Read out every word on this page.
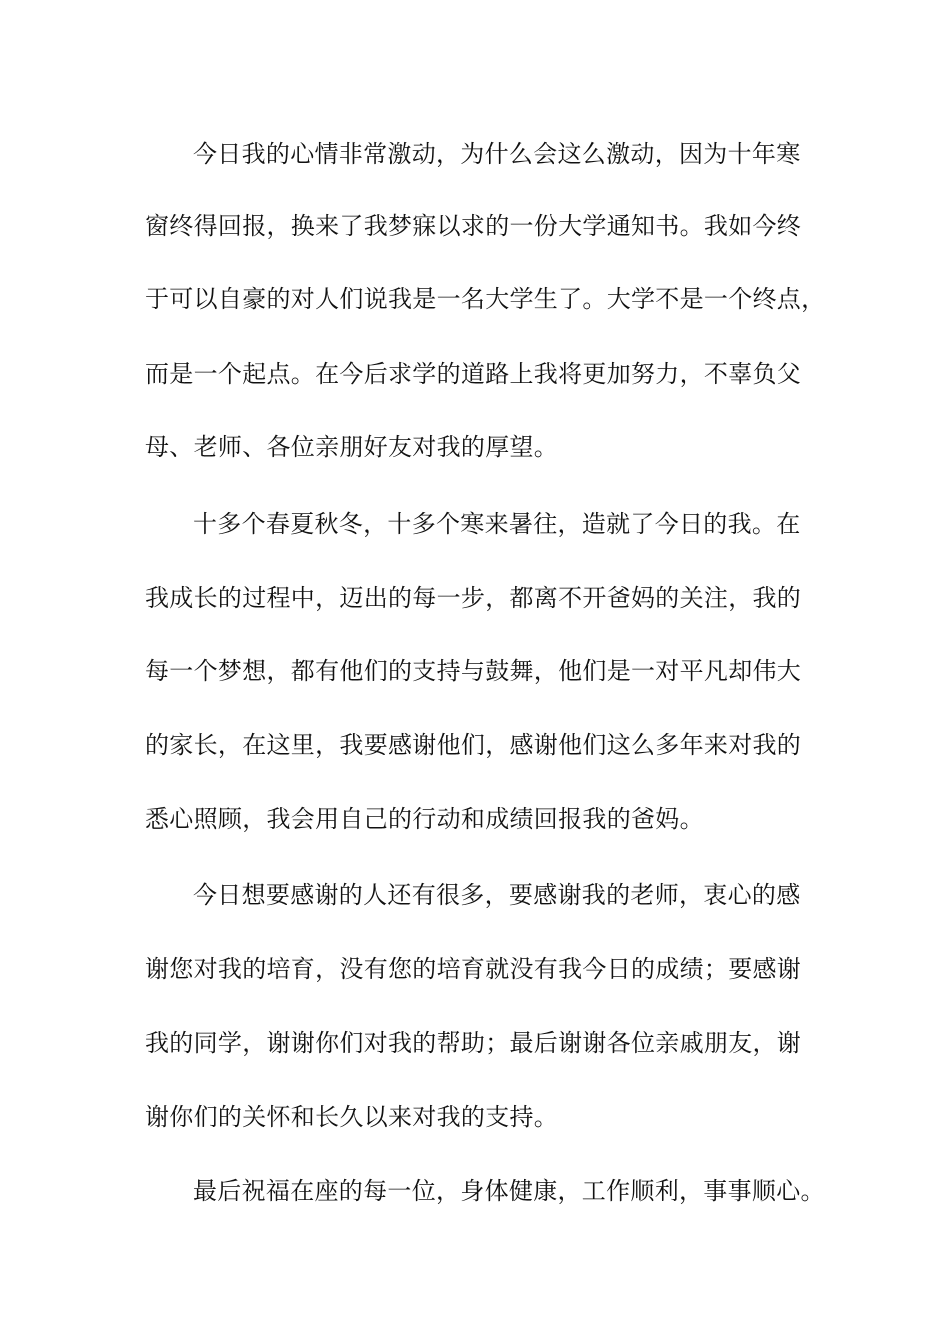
今日我的心情非常激动，为什么会这么激动，因为十年寒

窗终得回报，换来了我梦寐以求的一份大学通知书。我如今终

于可以自豪的对人们说我是一名大学生了。大学不是一个终点，

而是一个起点。在今后求学的道路上我将更加努力，不辜负父

母、老师、各位亲朋好友对我的厚望。

十多个春夏秋冬，十多个寒来暑往，造就了今日的我。在

我成长的过程中，迈出的每一步，都离不开爸妈的关注，我的

每一个梦想，都有他们的支持与鼓舞，他们是一对平凡却伟大

的家长，在这里，我要感谢他们，感谢他们这么多年来对我的

悉心照顾，我会用自己的行动和成绩回报我的爸妈。

今日想要感谢的人还有很多，要感谢我的老师，衷心的感

谢您对我的培育，没有您的培育就没有我今日的成绩；要感谢

我的同学，谢谢你们对我的帮助；最后谢谢各位亲戚朋友，谢

谢你们的关怀和长久以来对我的支持。

最后祝福在座的每一位，身体健康，工作顺利，事事顺心。
